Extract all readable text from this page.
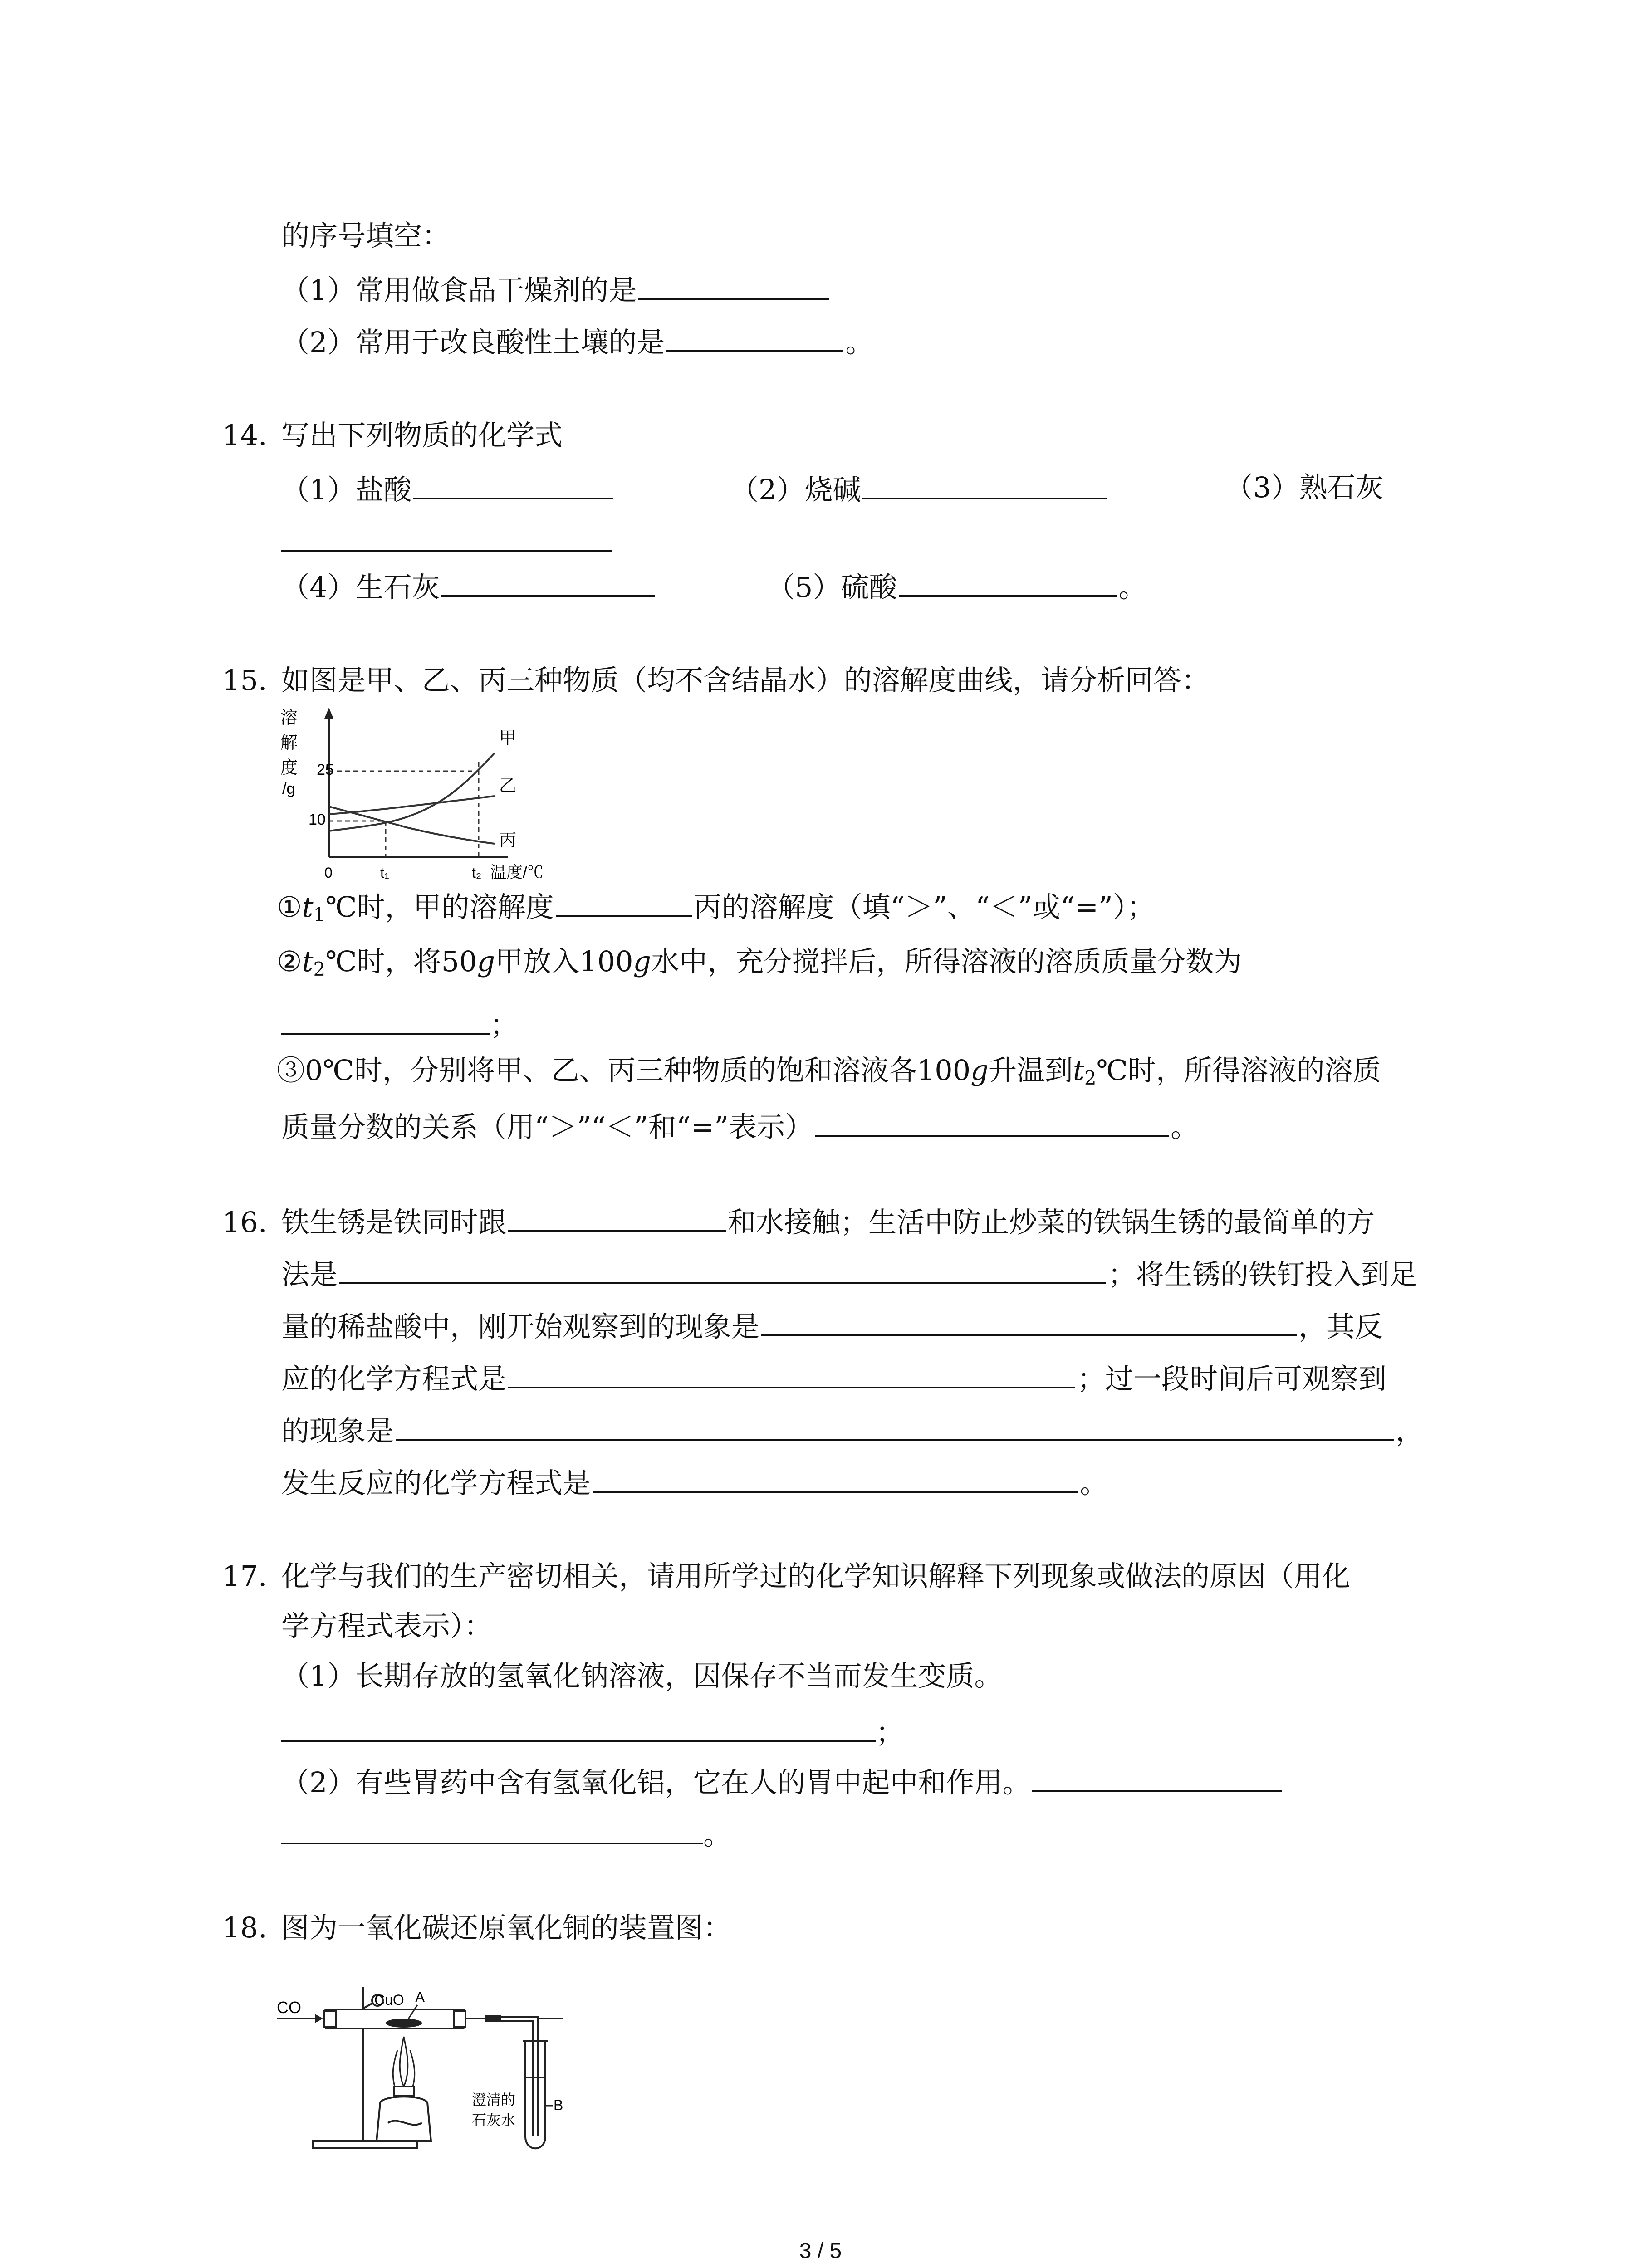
的序号填空：
（1）常用做食品干燥剂的是
（2）常用于改良酸性土壤的是	。
14. 写出下列物质的化学式
（1）盐酸	（2）烧碱	（3）熟石灰
（4）生石灰	（5）硫酸	。
15. 如图是甲、乙、丙三种物质（均不含结晶水）的溶解度曲线，请分析回答：
溶
解
度
/g
25
10
0	t₁	t₂ 温度/℃
甲
乙
丙
$①t_1℃$时，甲的溶解度	丙的溶解度（填“＞”、“＜”或“=”）；
$②t_2℃$时，将50g甲放入100g水中，充分搅拌后，所得溶液的溶质质量分数为
；
③0℃时，分别将甲、乙、丙三种物质的饱和溶液各100g升温到$t_2℃$时，所得溶液的溶质
质量分数的关系（用“＞”“＜”和“=”表示）	。
16. 铁生锈是铁同时跟	和水接触；生活中防止炒菜的铁锅生锈的最简单的方
法是	；将生锈的铁钉投入到足
量的稀盐酸中，刚开始观察到的现象是	，其反
应的化学方程式是	；过一段时间后可观察到
的现象是	，
发生反应的化学方程式是	。
17. 化学与我们的生产密切相关，请用所学过的化学知识解释下列现象或做法的原因（用化
学方程式表示）：
（1）长期存放的氢氧化钠溶液，因保存不当而发生变质。
；
（2）有些胃药中含有氢氧化铝，它在人的胃中起中和作用。
。
18. 图为一氧化碳还原氧化铜的装置图：
CO	CuO A
B
澄清的
石灰水
3 / 5
